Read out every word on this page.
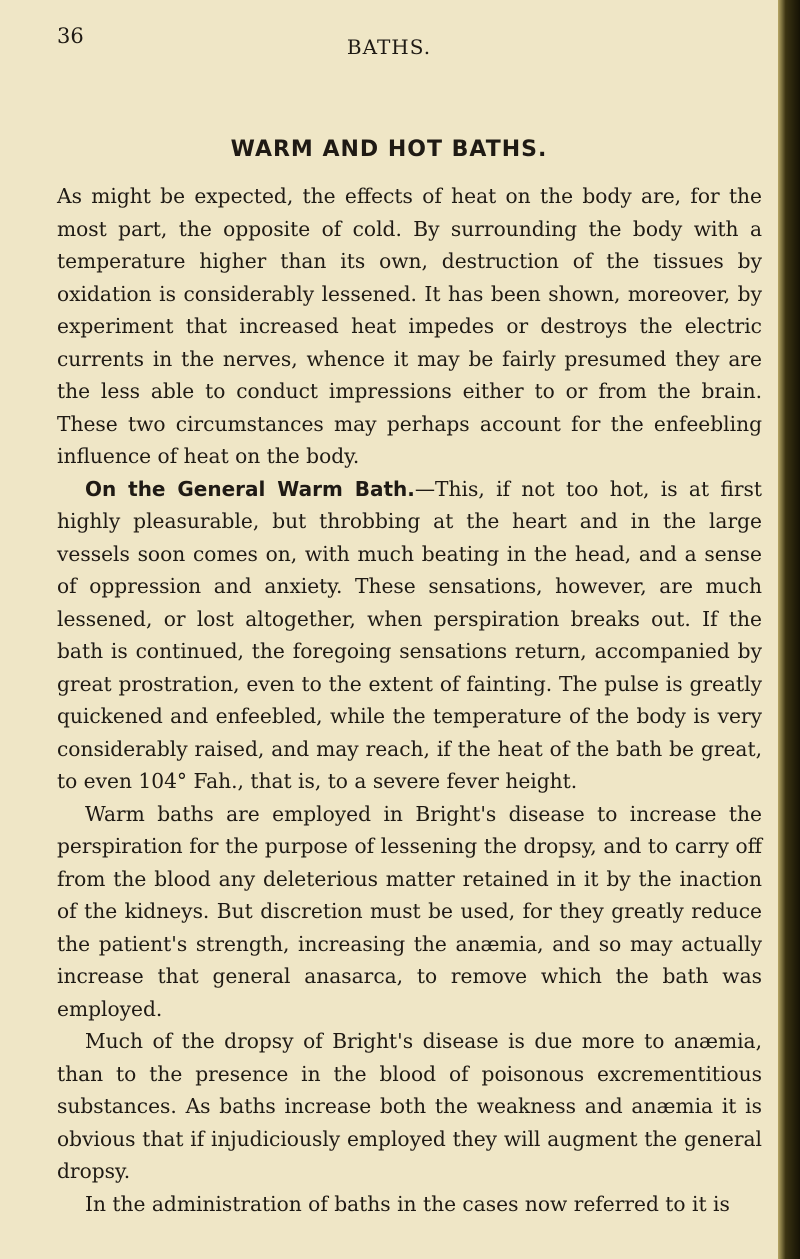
36	BATHS.
WARM AND HOT BATHS.

As might be expected, the effects of heat on the body are, for the most part, the opposite of cold. By surrounding the body with a temperature higher than its own, destruction of the tissues by oxidation is considerably lessened. It has been shown, moreover, by experiment that increased heat impedes or destroys the electric currents in the nerves, whence it may be fairly presumed they are the less able to conduct impressions either to or from the brain. These two circumstances may perhaps account for the enfeebling influence of heat on the body.

On the General Warm Bath.—This, if not too hot, is at first highly pleasurable, but throbbing at the heart and in the large vessels soon comes on, with much beating in the head, and a sense of oppression and anxiety. These sensations, however, are much lessened, or lost altogether, when perspiration breaks out. If the bath is continued, the foregoing sensations return, accompanied by great prostration, even to the extent of fainting. The pulse is greatly quickened and enfeebled, while the temperature of the body is very considerably raised, and may reach, if the heat of the bath be great, to even 104° Fah., that is, to a severe fever height.

Warm baths are employed in Bright's disease to increase the perspiration for the purpose of lessening the dropsy, and to carry off from the blood any deleterious matter retained in it by the inaction of the kidneys. But discretion must be used, for they greatly reduce the patient's strength, increasing the anæmia, and so may actually increase that general anasarca, to remove which the bath was employed.

Much of the dropsy of Bright's disease is due more to anæmia, than to the presence in the blood of poisonous excrementitious substances. As baths increase both the weakness and anæmia it is obvious that if injudiciously employed they will augment the general dropsy.

In the administration of baths in the cases now referred to it is
